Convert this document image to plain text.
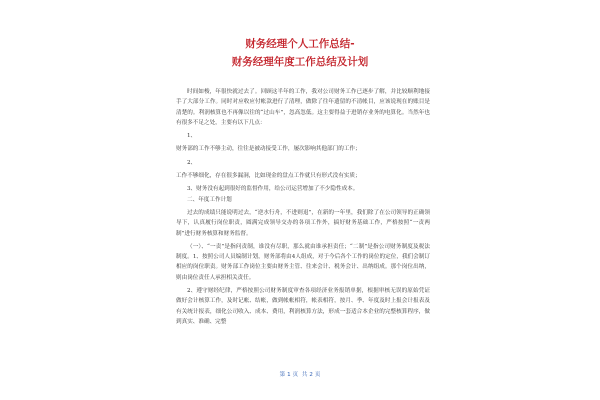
财务经理个人工作总结-
财务经理年度工作总结及计划

时间如梭，年很快就过去了。回顾这半年的工作，我对公司财务工作已逐步了解，并比较顺利地接手了大部分工作。同时对应收应付帐款进行了清理，做除了往年遗留的不清帐目，应该说现在的账目是清楚的。利润核算也不再像以往的“过山车”，忽高忽低。这主要得益于进销存业务的电算化。当然年也有很多不足之处，主要有以下几点：

1、

财务部的工作不够主动，往往是被动接受工作，屡次影响其他部门的工作；

2、

工作不够细化，存在很多漏洞，比如现金的盘点工作就只有形式没有实质；

3、财务没有起到很好的监督作用，给公司运营增加了不少隐性成本。

二、年度工作计划

过去的成绩只能说明过去，“逆水行舟，不进则退”，在新的一年里，我们除了在公司领导的正确领导下，认真履行岗位职责，圆满完成领导交办的各项工作外，搞好财务基础工作，严格按照“一责两制”进行财务核算和财务监督。

（一）、“一责”是指问责制，谁没有尽职，那么就由谁承担责任；“二制”是指公司财务制度及税法制度。1、按照公司人员编制计划，财务部将由4人组成，对于今后各个工作的岗位的定位，我们会制订相应的岗位职责。财务部工作岗位主要由财务主管、往来会计、税务会计、出纳组成。那个岗位出纳，则由岗位责任人承担相关责任。

2、遵守财经纪律，严格按照公司财务制度审查各项经济业务报销单据，根据审核无误的原始凭证做好会计核算工作，及时记帐、结帐，做到帐帐相符，帐表相符，按月、季、年度及时上报会计报表及有关统计报表，细化公司收入、成本、费用，利润核算方法，形成一套适合本企业的完整核算程序，做到真实、准确、完整

第 1 页 共 2 页
